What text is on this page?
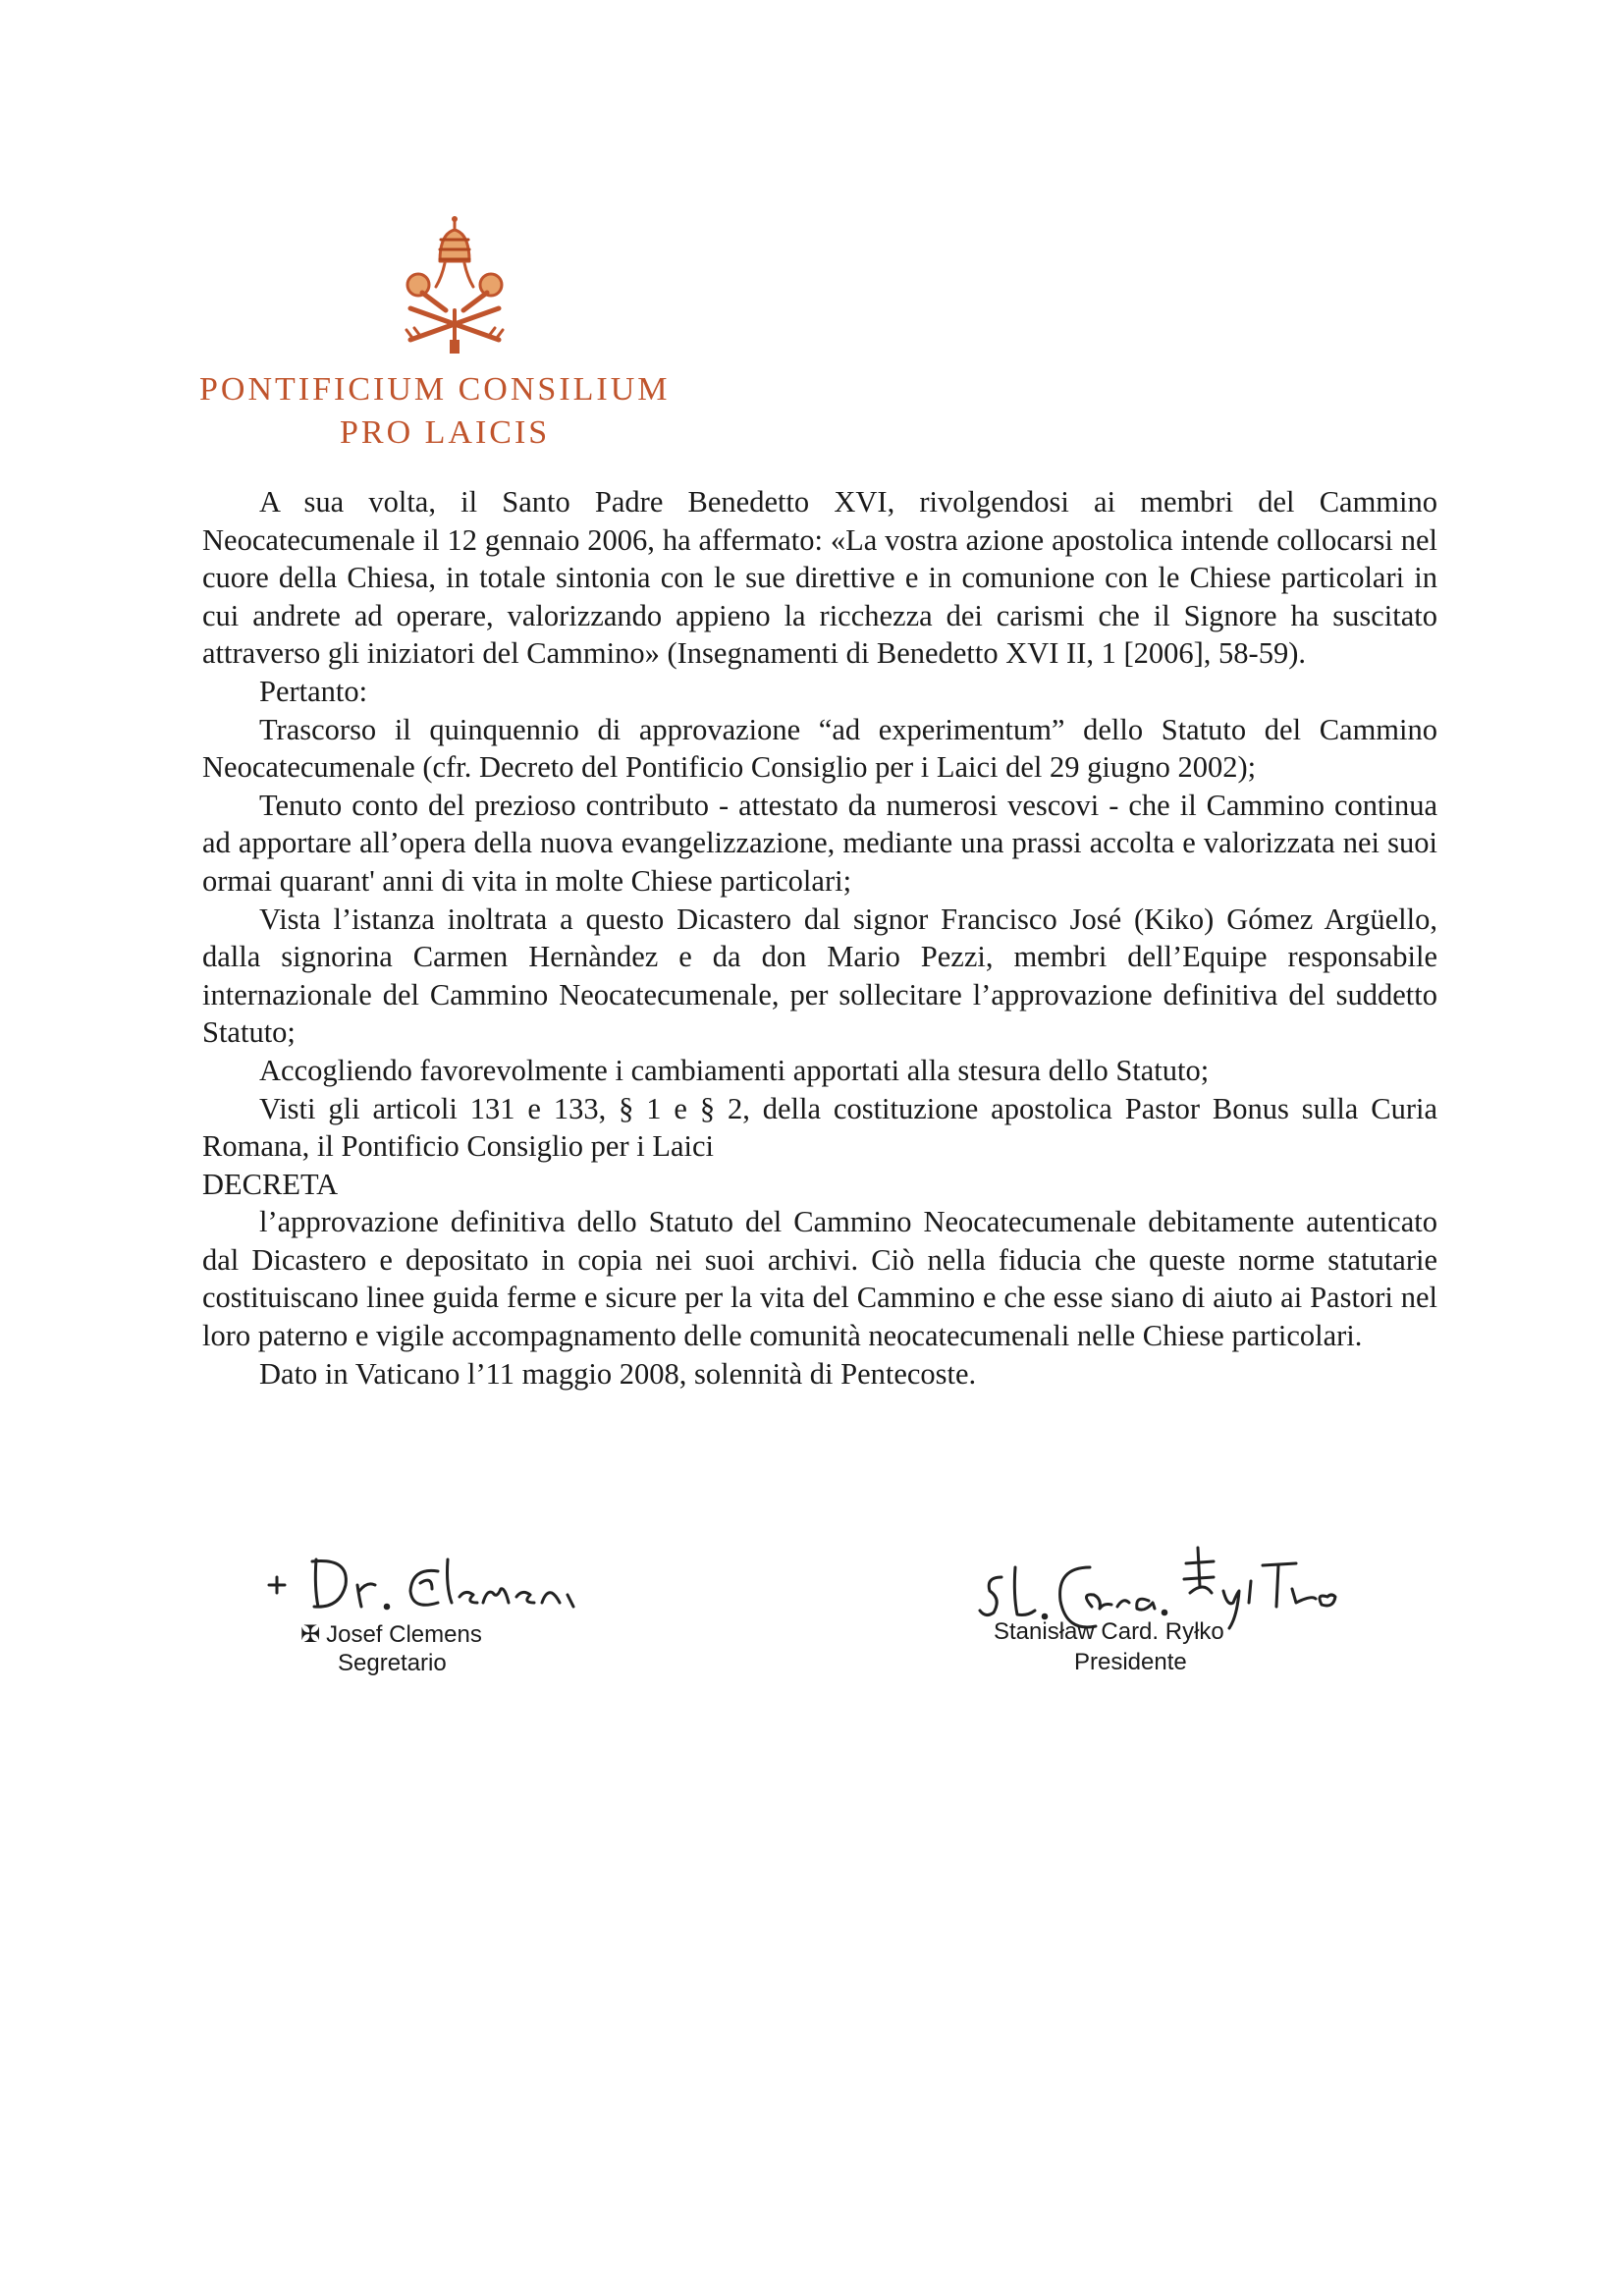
PONTIFICIUM CONSILIUM
PRO LAICIS

A sua volta, il Santo Padre Benedetto XVI, rivolgendosi ai membri del Cammino Neocatecumenale il 12 gennaio 2006, ha affermato: «La vostra azione apostolica intende collocarsi nel cuore della Chiesa, in totale sintonia con le sue direttive e in comunione con le Chiese particolari in cui andrete ad operare, valorizzando appieno la ricchezza dei carismi che il Signore ha suscitato attraverso gli iniziatori del Cammino» (Insegnamenti di Benedetto XVI II, 1 [2006], 58-59).

Pertanto:

Trascorso il quinquennio di approvazione “ad experimentum” dello Statuto del Cammino Neocatecumenale (cfr. Decreto del Pontificio Consiglio per i Laici del 29 giugno 2002);

Tenuto conto del prezioso contributo - attestato da numerosi vescovi - che il Cammino continua ad apportare all’opera della nuova evangelizzazione, mediante una prassi accolta e valorizzata nei suoi ormai quarant' anni di vita in molte Chiese particolari;

Vista l’istanza inoltrata a questo Dicastero dal signor Francisco José (Kiko) Gómez Argüello, dalla signorina Carmen Hernàndez e da don Mario Pezzi, membri dell’Equipe responsabile internazionale del Cammino Neocatecumenale, per sollecitare l’approvazione definitiva del suddetto Statuto;

Accogliendo favorevolmente i cambiamenti apportati alla stesura dello Statuto;

Visti gli articoli 131 e 133, § 1 e § 2, della costituzione apostolica Pastor Bonus sulla Curia Romana, il Pontificio Consiglio per i Laici

DECRETA

l’approvazione definitiva dello Statuto del Cammino Neocatecumenale debitamente autenticato dal Dicastero e depositato in copia nei suoi archivi. Ciò nella fiducia che queste norme statutarie costituiscano linee guida ferme e sicure per la vita del Cammino e che esse siano di aiuto ai Pastori nel loro paterno e vigile accompagnamento delle comunità neocatecumenali nelle Chiese particolari.

Dato in Vaticano l’11 maggio 2008, solennità di Pentecoste.

✠ Josef Clemens
Segretario
Stanisław Card. Ryłko
Presidente
